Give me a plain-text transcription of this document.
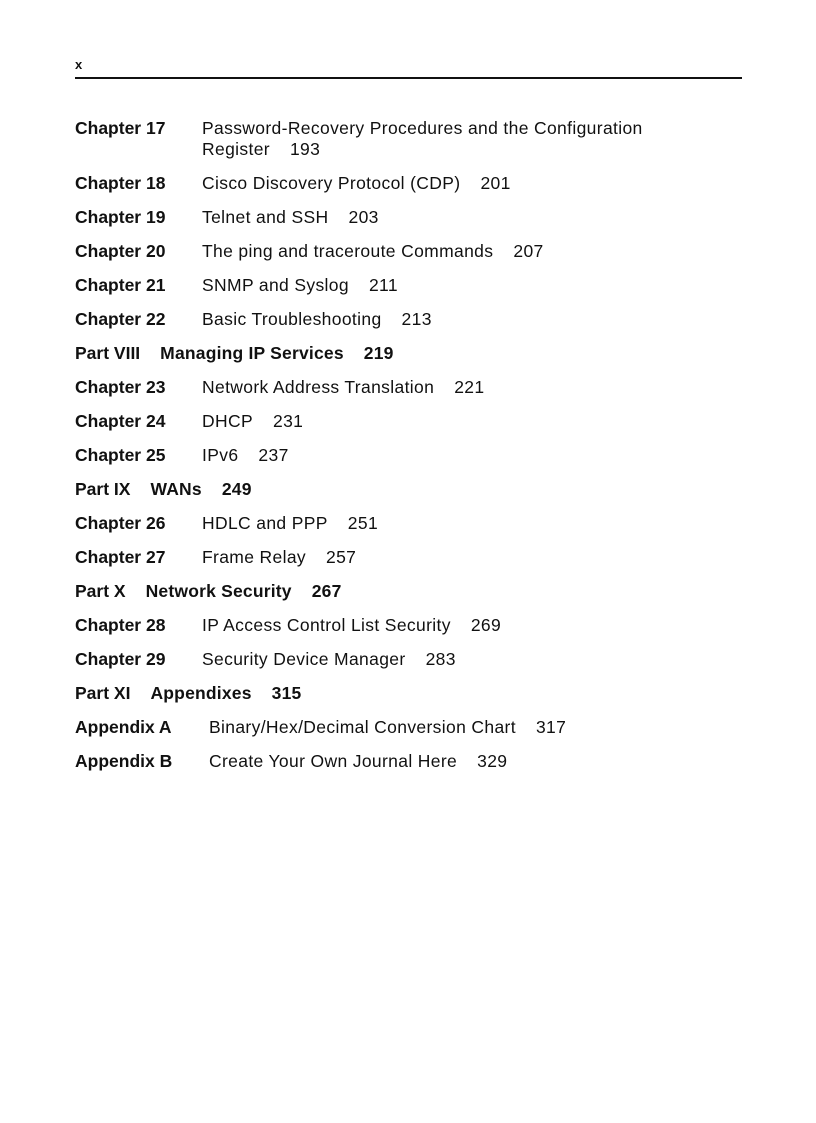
x
Chapter 17	Password-Recovery Procedures and the Configuration Register 193
Chapter 18	Cisco Discovery Protocol (CDP) 201
Chapter 19	Telnet and SSH 203
Chapter 20	The ping and traceroute Commands 207
Chapter 21	SNMP and Syslog 211
Chapter 22	Basic Troubleshooting 213
Part VIII Managing IP Services 219
Chapter 23	Network Address Translation 221
Chapter 24	DHCP 231
Chapter 25	IPv6 237
Part IX WANs 249
Chapter 26	HDLC and PPP 251
Chapter 27	Frame Relay 257
Part X Network Security 267
Chapter 28	IP Access Control List Security 269
Chapter 29	Security Device Manager 283
Part XI Appendixes 315
Appendix A	Binary/Hex/Decimal Conversion Chart 317
Appendix B	Create Your Own Journal Here 329
